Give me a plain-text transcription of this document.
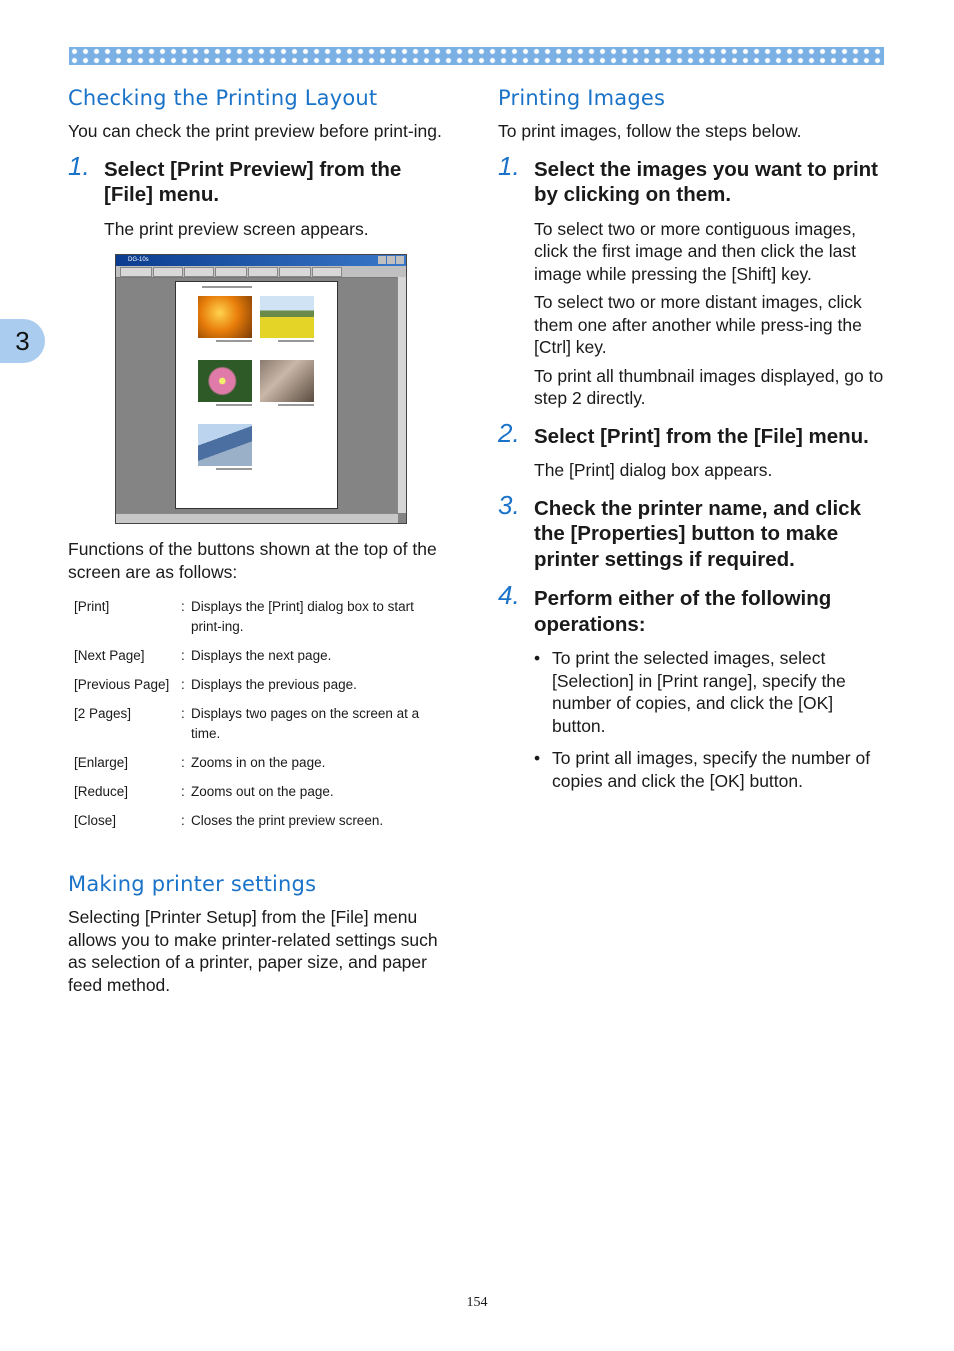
3
Checking the Printing Layout

You can check the print preview before print-ing.

1. Select [Print Preview] from the [File] menu.
The print preview screen appears.
DG-10s

Functions of the buttons shown at the top of the screen are as follows:

[Print]	:	Displays the [Print] dialog box to start print-ing.
[Next Page]	:	Displays the next page.
[Previous Page]	:	Displays the previous page.
[2 Pages]	:	Displays two pages on the screen at a time.
[Enlarge]	:	Zooms in on the page.
[Reduce]	:	Zooms out on the page.
[Close]	:	Closes the print preview screen.
Making printer settings

Selecting [Printer Setup] from the [File] menu allows you to make printer-related settings such as selection of a printer, paper size, and paper feed method.

Printing Images

To print images, follow the steps below.

1. Select the images you want to print by clicking on them.
To select two or more contiguous images, click the first image and then click the last image while pressing the [Shift] key.
To select two or more distant images, click them one after another while press-ing the [Ctrl] key.
To print all thumbnail images displayed, go to step 2 directly.
2. Select [Print] from the [File] menu.
The [Print] dialog box appears.
3. Check the printer name, and click the [Properties] button to make printer settings if required.
4. Perform either of the following operations:
• To print the selected images, select [Selection] in [Print range], specify the number of copies, and click the [OK] button.
• To print all images, specify the number of copies and click the [OK] button.
154
